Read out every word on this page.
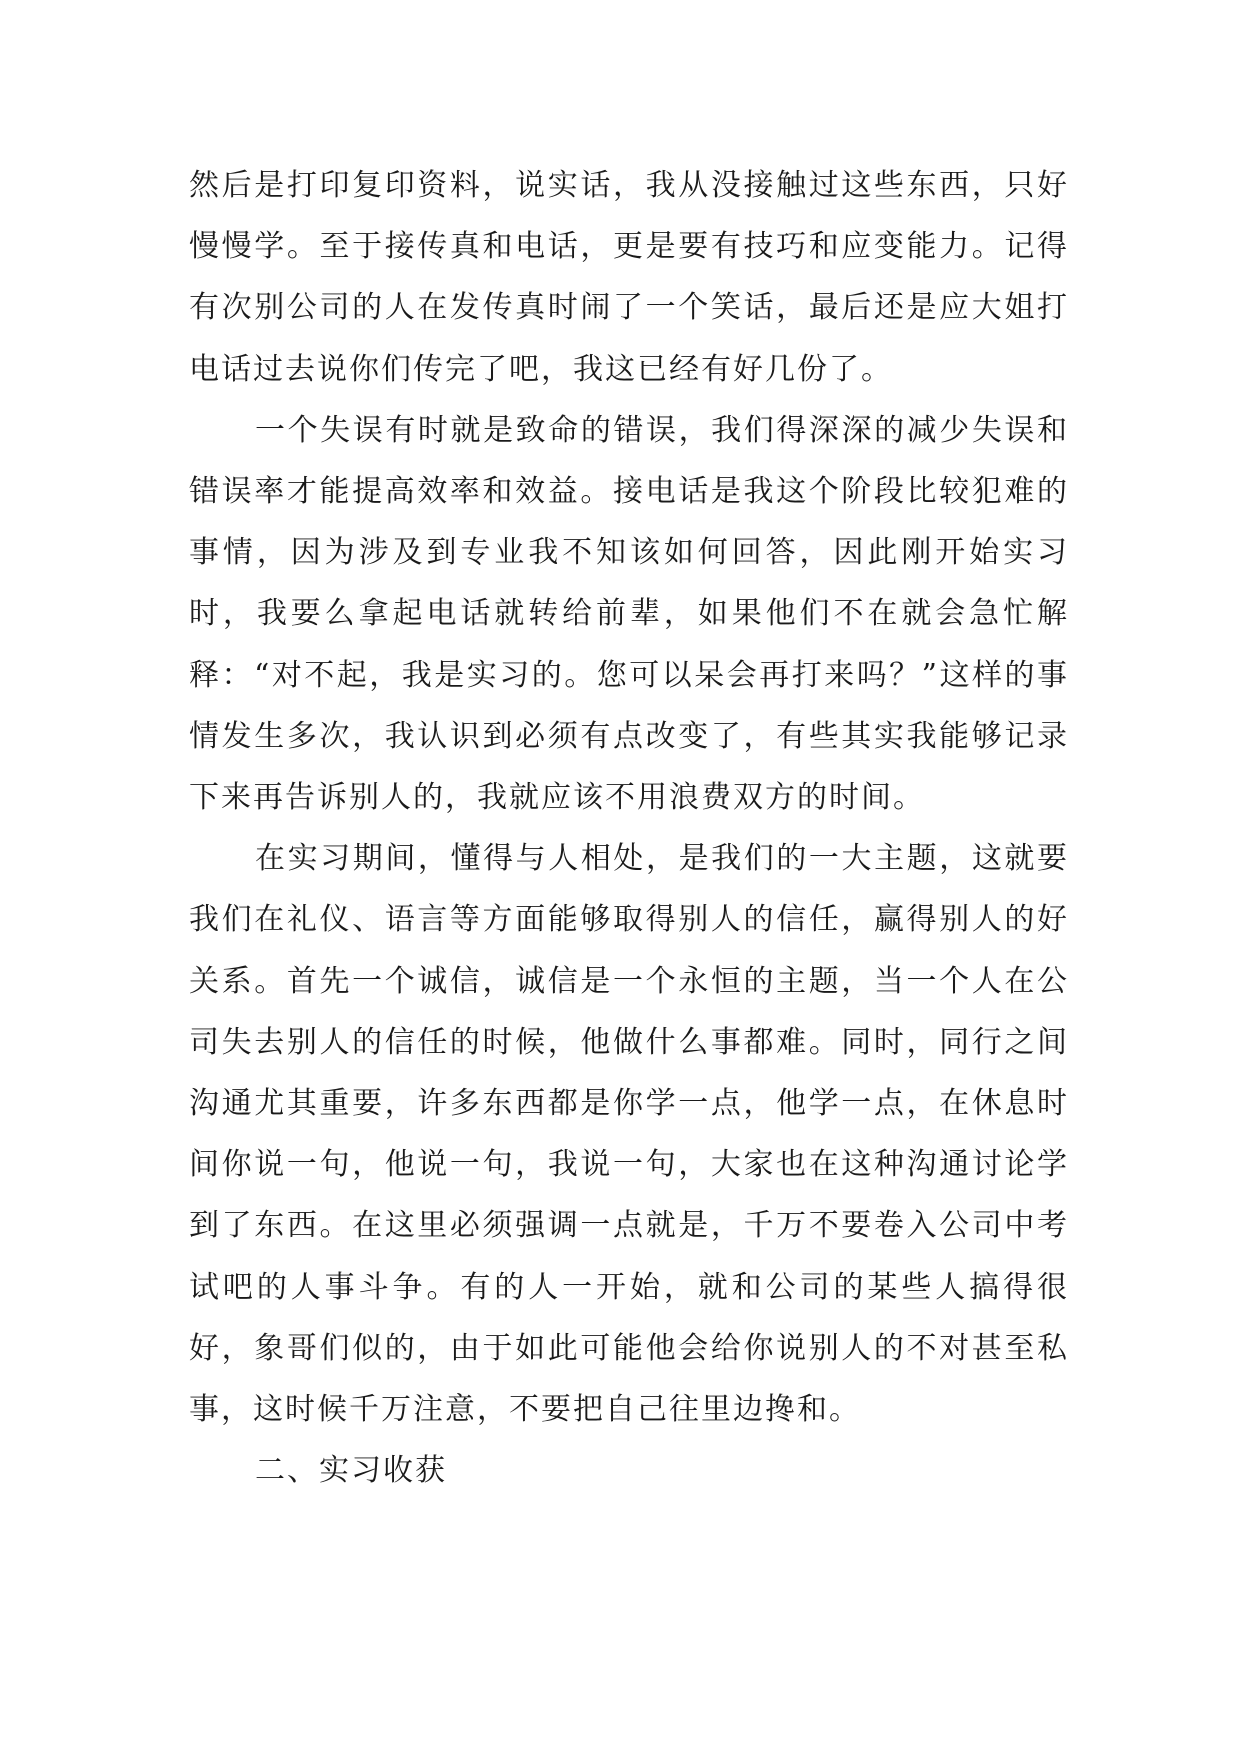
然后是打印复印资料，说实话，我从没接触过这些东西，只好慢慢学。至于接传真和电话，更是要有技巧和应变能力。记得有次别公司的人在发传真时闹了一个笑话，最后还是应大姐打电话过去说你们传完了吧，我这已经有好几份了。

一个失误有时就是致命的错误，我们得深深的减少失误和错误率才能提高效率和效益。接电话是我这个阶段比较犯难的事情，因为涉及到专业我不知该如何回答，因此刚开始实习时，我要么拿起电话就转给前辈，如果他们不在就会急忙解释：“对不起，我是实习的。您可以呆会再打来吗？”这样的事情发生多次，我认识到必须有点改变了，有些其实我能够记录下来再告诉别人的，我就应该不用浪费双方的时间。

在实习期间，懂得与人相处，是我们的一大主题，这就要我们在礼仪、语言等方面能够取得别人的信任，赢得别人的好关系。首先一个诚信，诚信是一个永恒的主题，当一个人在公司失去别人的信任的时候，他做什么事都难。同时，同行之间沟通尤其重要，许多东西都是你学一点，他学一点，在休息时间你说一句，他说一句，我说一句，大家也在这种沟通讨论学到了东西。在这里必须强调一点就是，千万不要卷入公司中考试吧的人事斗争。有的人一开始，就和公司的某些人搞得很好，象哥们似的，由于如此可能他会给你说别人的不对甚至私事，这时候千万注意，不要把自己往里边搀和。

二、实习收获
